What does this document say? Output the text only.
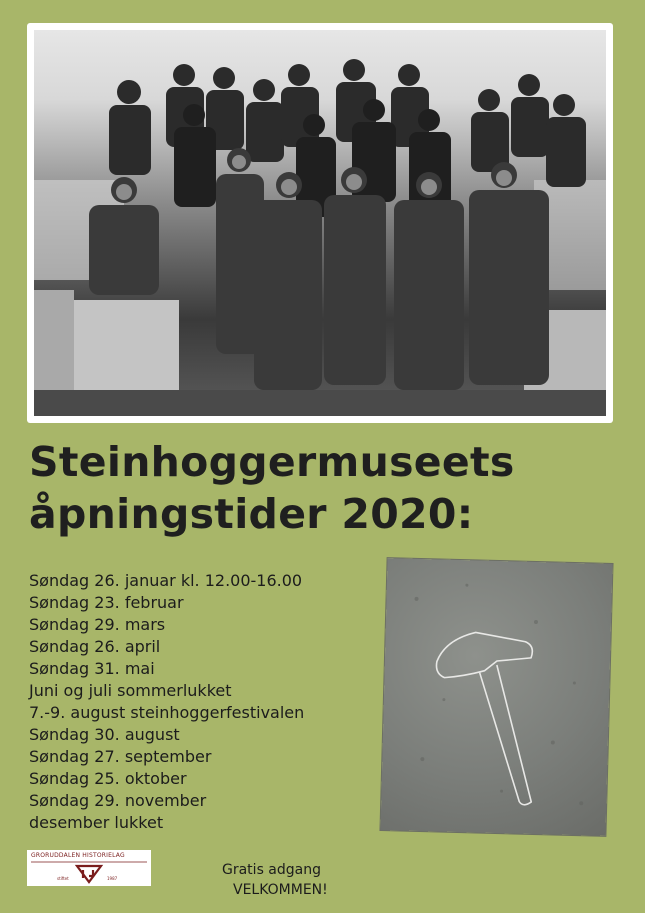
Steinhoggermuseets
åpningstider 2020:
Søndag 26. januar kl. 12.00-16.00
Søndag 23. februar
Søndag 29. mars
Søndag 26. april
Søndag 31. mai
Juni og juli sommerlukket
7.-9. august steinhoggerfestivalen
Søndag 30. august
Søndag 27. september
Søndag 25. oktober
Søndag 29. november
desember lukket
GRORUDDALEN HISTORIELAG
stiftet	1987
Gratis adgang
VELKOMMEN!
